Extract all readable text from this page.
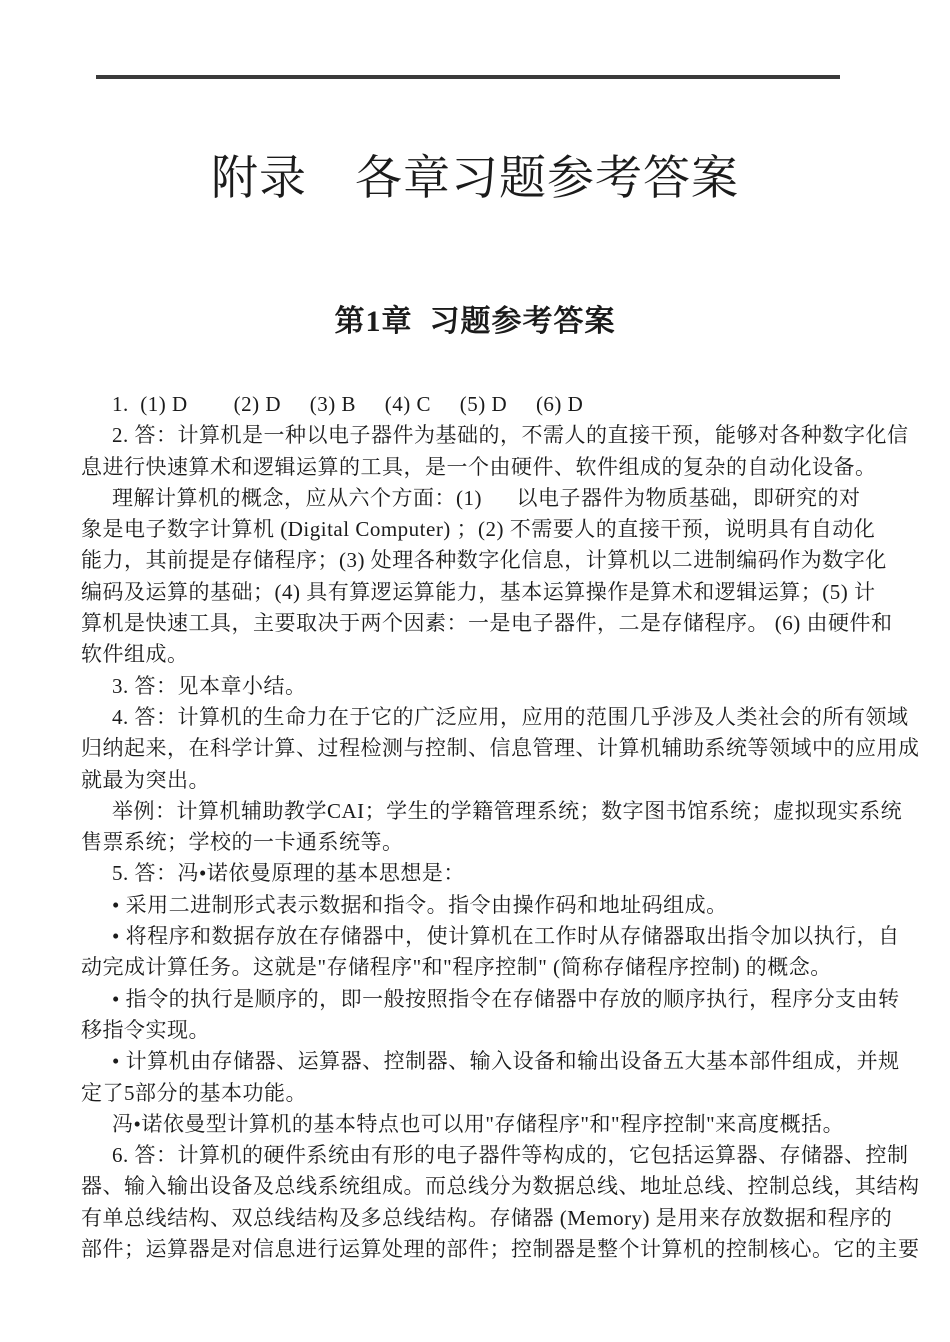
附录　各章习题参考答案
第1章  习题参考答案
1.  (1) D        (2) D     (3) B     (4) C     (5) D     (6) D
2. 答：计算机是一种以电子器件为基础的，不需人的直接干预，能够对各种数字化信
息进行快速算术和逻辑运算的工具，是一个由硬件、软件组成的复杂的自动化设备。
理解计算机的概念，应从六个方面：(1)      以电子器件为物质基础，即研究的对
象是电子数字计算机 (Digital Computer) ；(2) 不需要人的直接干预，说明具有自动化
能力，其前提是存储程序；(3) 处理各种数字化信息，计算机以二进制编码作为数字化
编码及运算的基础；(4) 具有算逻运算能力，基本运算操作是算术和逻辑运算；(5) 计
算机是快速工具，主要取决于两个因素：一是电子器件，二是存储程序。 (6) 由硬件和
软件组成。
3. 答：见本章小结。
4. 答：计算机的生命力在于它的广泛应用，应用的范围几乎涉及人类社会的所有领域
归纳起来，在科学计算、过程检测与控制、信息管理、计算机辅助系统等领域中的应用成
就最为突出。
举例：计算机辅助教学CAI；学生的学籍管理系统；数字图书馆系统；虚拟现实系统
售票系统；学校的一卡通系统等。
5. 答：冯•诺依曼原理的基本思想是：
• 采用二进制形式表示数据和指令。指令由操作码和地址码组成。
• 将程序和数据存放在存储器中，使计算机在工作时从存储器取出指令加以执行，自
动完成计算任务。这就是"存储程序"和"程序控制" (简称存储程序控制) 的概念。
• 指令的执行是顺序的，即一般按照指令在存储器中存放的顺序执行，程序分支由转
移指令实现。
• 计算机由存储器、运算器、控制器、输入设备和输出设备五大基本部件组成，并规
定了5部分的基本功能。
冯•诺依曼型计算机的基本特点也可以用"存储程序"和"程序控制"来高度概括。
6. 答：计算机的硬件系统由有形的电子器件等构成的，它包括运算器、存储器、控制
器、输入输出设备及总线系统组成。而总线分为数据总线、地址总线、控制总线，其结构
有单总线结构、双总线结构及多总线结构。存储器 (Memory) 是用来存放数据和程序的
部件；运算器是对信息进行运算处理的部件；控制器是整个计算机的控制核心。它的主要
